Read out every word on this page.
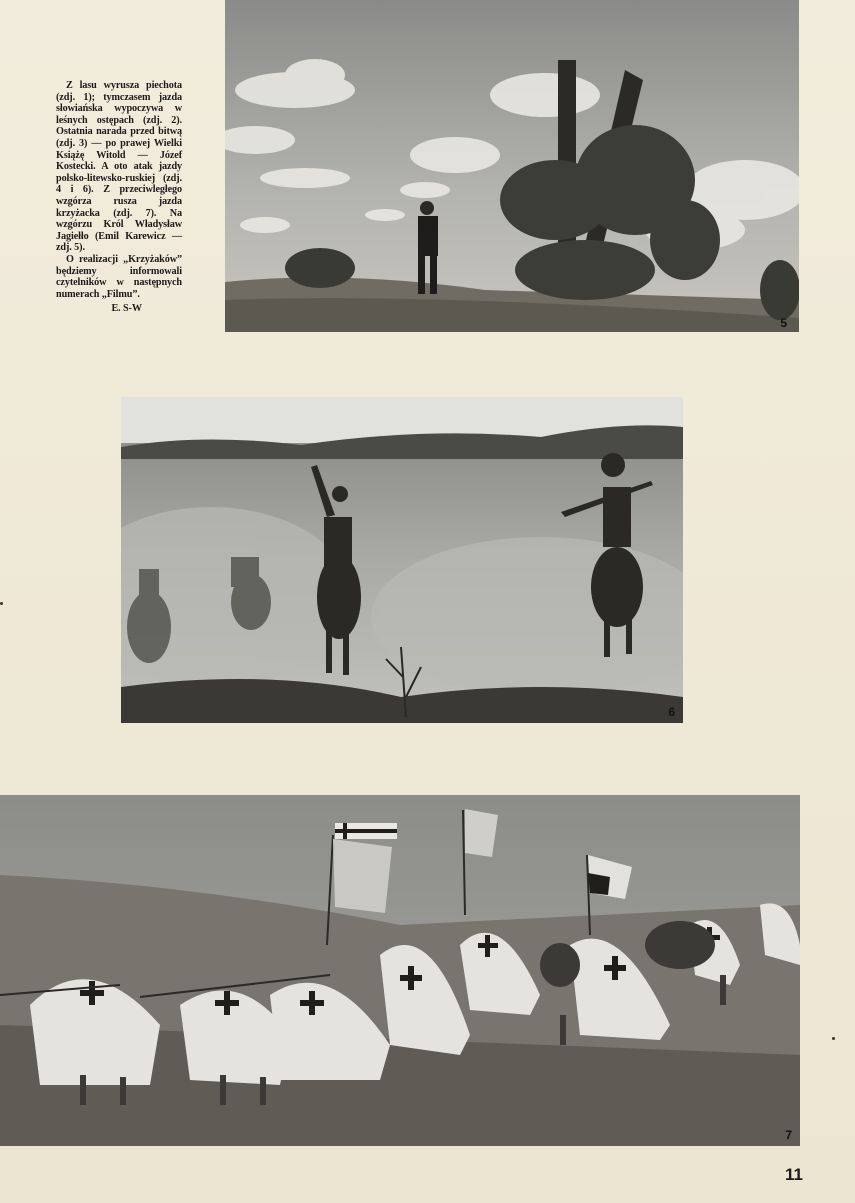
Z lasu wyrusza piechota (zdj. 1); tymczasem jazda słowiańska wypoczywa w leśnych ostępach (zdj. 2). Ostatnia narada przed bitwą (zdj. 3) — po prawej Wielki Książę Witold — Józef Kostecki. A oto atak jazdy polsko-litewsko-ruskiej (zdj. 4 i 6). Z przeciwległego wzgórza rusza jazda krzyżacka (zdj. 7). Na wzgórzu Król Władysław Jagiełło (Emil Karewicz — zdj. 5).

O realizacji „Krzyżaków” będziemy informowali czytelników w następnych numerach „Filmu”.

E. S-W

5
6
7
11
